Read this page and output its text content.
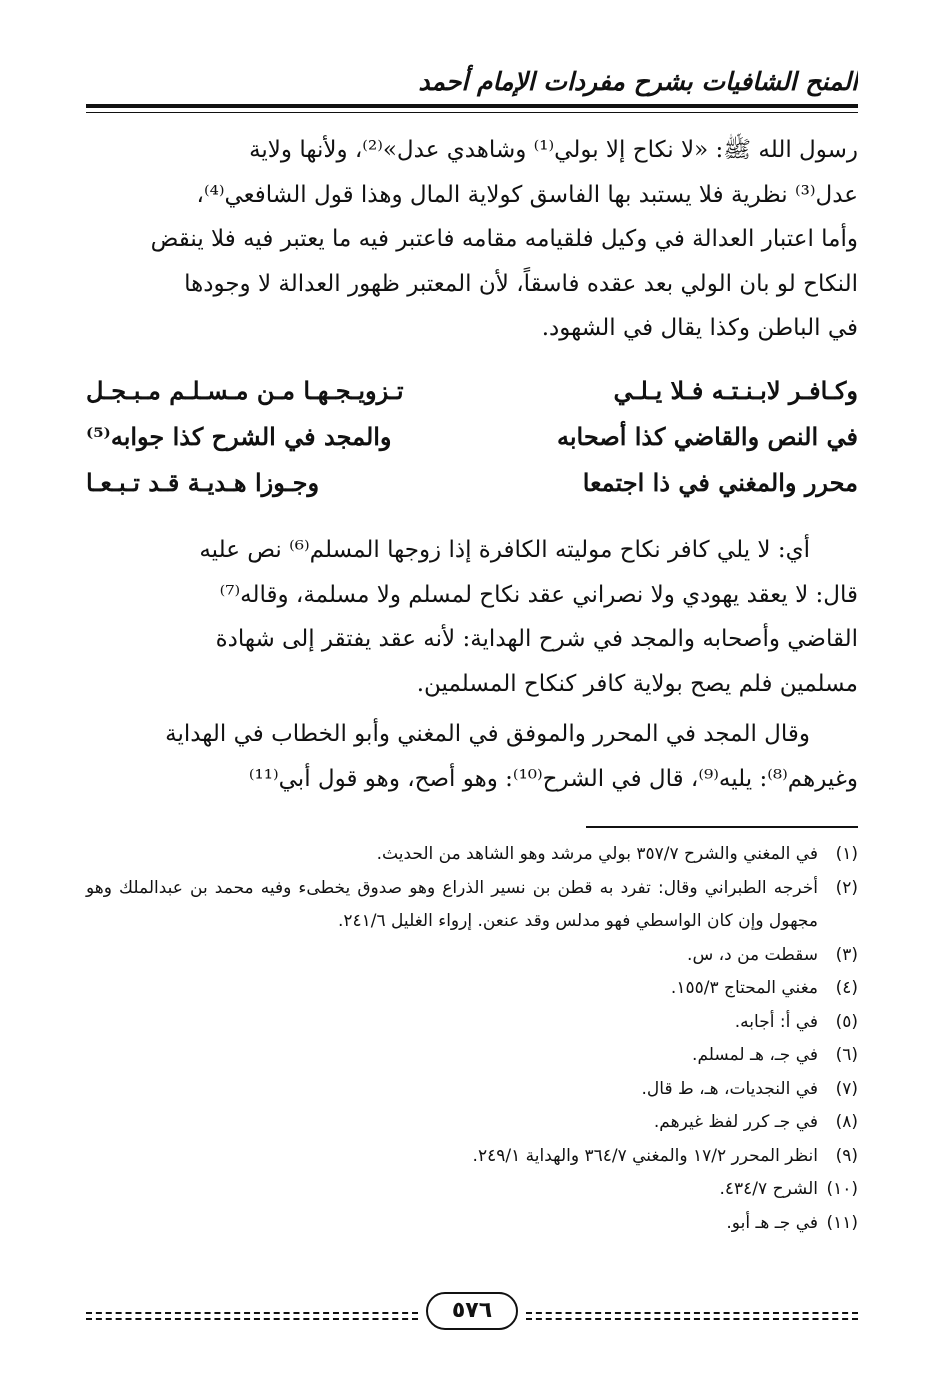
المنح الشافيات بشرح مفردات الإمام أحمد

رسول الله ﷺ: «لا نكاح إلا بولي⁽¹⁾ وشاهدي عدل»⁽²⁾، ولأنها ولاية

عدل⁽³⁾ نظرية فلا يستبد بها الفاسق كولاية المال وهذا قول الشافعي⁽⁴⁾،

وأما اعتبار العدالة في وكيل فلقيامه مقامه فاعتبر فيه ما يعتبر فيه فلا ينقض

النكاح لو بان الولي بعد عقده فاسقاً، لأن المعتبر ظهور العدالة لا وجودها

في الباطن وكذا يقال في الشهود.

وكـافـر لابـنـتـه فـلا يـلـي
تـزويـجـهـا مـن مـسـلـم مـبـجـل
في النص والقاضي كذا أصحابه
والمجد في الشرح كذا جوابه⁽⁵⁾
محرر والمغني في ذا اجتمعا
وجـوزا هـديـة قـد تـبـعـا

أي: لا يلي كافر نكاح موليته الكافرة إذا زوجها المسلم⁽⁶⁾ نص عليه

قال: لا يعقد يهودي ولا نصراني عقد نكاح لمسلم ولا مسلمة، وقاله⁽⁷⁾

القاضي وأصحابه والمجد في شرح الهداية: لأنه عقد يفتقر إلى شهادة

مسلمين فلم يصح بولاية كافر كنكاح المسلمين.

وقال المجد في المحرر والموفق في المغني وأبو الخطاب في الهداية

وغيرهم⁽⁸⁾: يليه⁽⁹⁾، قال في الشرح⁽¹⁰⁾: وهو أصح، وهو قول أبي⁽¹¹⁾

(١)
في المغني والشرح ٣٥٧/٧ بولي مرشد وهو الشاهد من الحديث.
(٢)
أخرجه الطبراني وقال: تفرد به قطن بن نسير الذراع وهو صدوق يخطىء وفيه محمد بن عبدالملك وهو مجهول وإن كان الواسطي فهو مدلس وقد عنعن. إرواء الغليل ٢٤١/٦.
(٣)
سقطت من د، س.
(٤)
مغني المحتاج ١٥٥/٣.
(٥)
في أ: أجابه.
(٦)
في جـ، هـ لمسلم.
(٧)
في النجديات، هـ، ط قال.
(٨)
في جـ كرر لفظ غيرهم.
(٩)
انظر المحرر ١٧/٢ والمغني ٣٦٤/٧ والهداية ٢٤٩/١.
(١٠)
الشرح ٤٣٤/٧.
(١١)
في جـ هـ أبو.
٥٧٦
